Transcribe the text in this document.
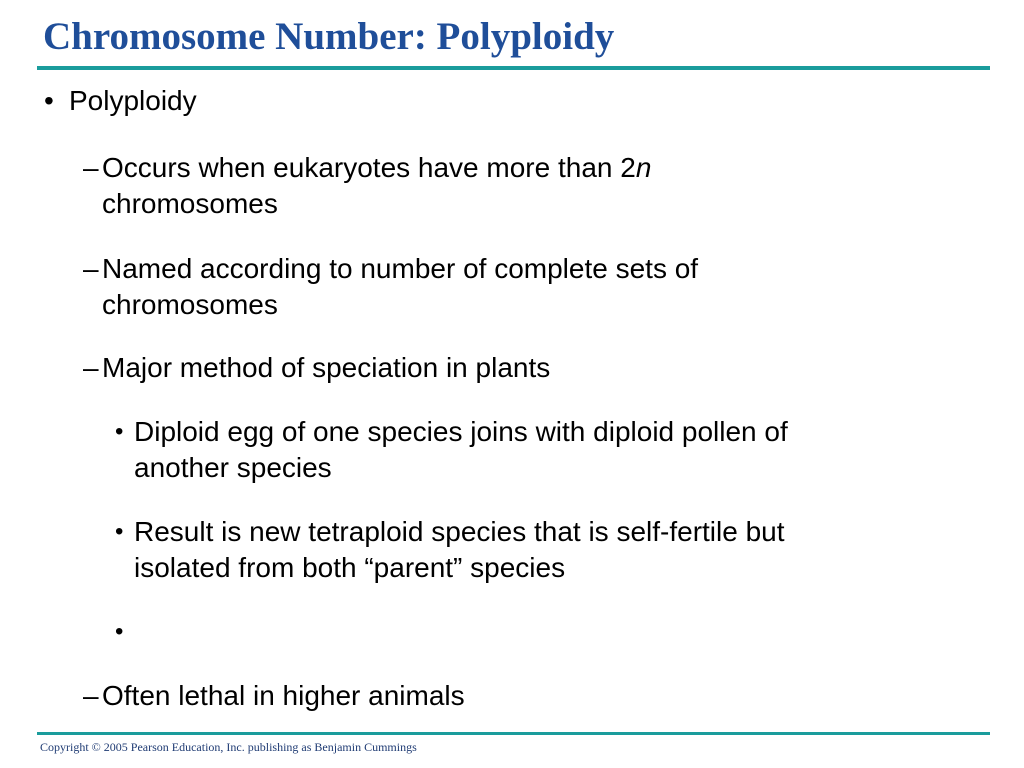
Chromosome Number: Polyploidy
• Polyploidy
– Occurs when eukaryotes have more than 2n
chromosomes
– Named according to number of complete sets of
chromosomes
– Major method of speciation in plants
• Diploid egg of one species joins with diploid pollen of
another species
• Result is new tetraploid species that is self-fertile but
isolated from both “parent” species
•
– Often lethal in higher animals
Copyright © 2005 Pearson Education, Inc. publishing as Benjamin Cummings
